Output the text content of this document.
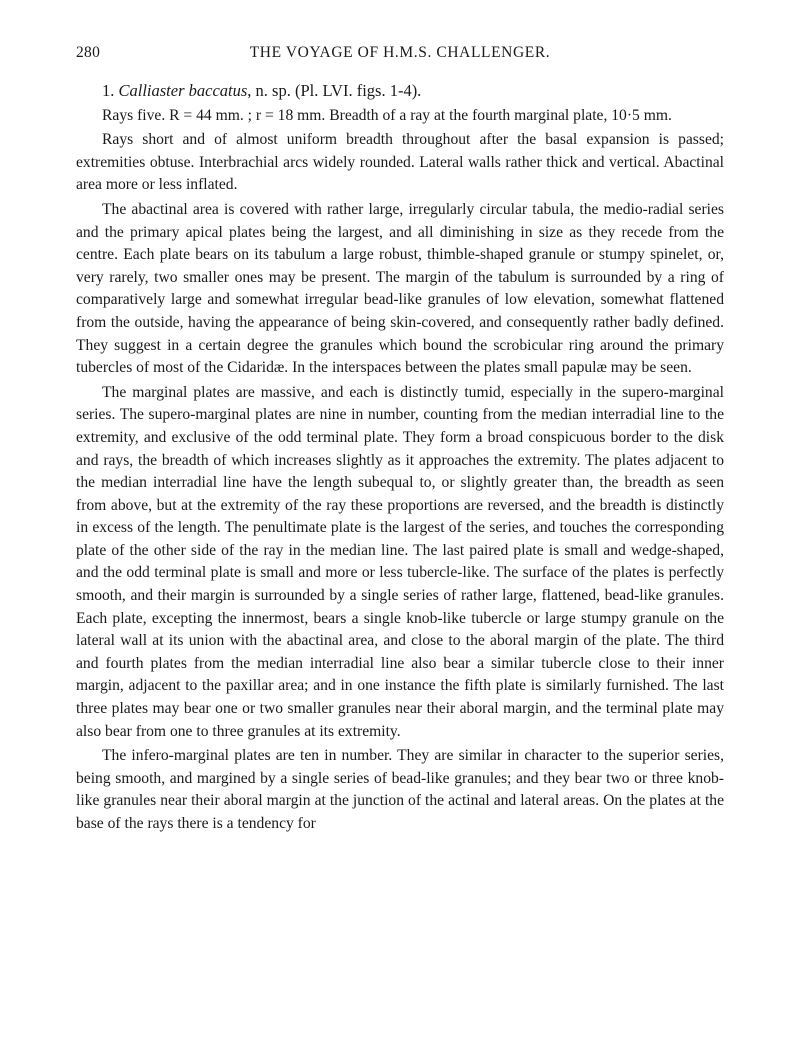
280	THE VOYAGE OF H.M.S. CHALLENGER.

1. Calliaster baccatus, n. sp. (Pl. LVI. figs. 1-4).

Rays five. R = 44 mm. ; r = 18 mm. Breadth of a ray at the fourth marginal plate, 10·5 mm.

Rays short and of almost uniform breadth throughout after the basal expansion is passed; extremities obtuse. Interbrachial arcs widely rounded. Lateral walls rather thick and vertical. Abactinal area more or less inflated.

The abactinal area is covered with rather large, irregularly circular tabula, the medio-radial series and the primary apical plates being the largest, and all diminishing in size as they recede from the centre. Each plate bears on its tabulum a large robust, thimble-shaped granule or stumpy spinelet, or, very rarely, two smaller ones may be present. The margin of the tabulum is surrounded by a ring of comparatively large and somewhat irregular bead-like granules of low elevation, somewhat flattened from the outside, having the appearance of being skin-covered, and consequently rather badly defined. They suggest in a certain degree the granules which bound the scrobicular ring around the primary tubercles of most of the Cidaridæ. In the interspaces between the plates small papulæ may be seen.

The marginal plates are massive, and each is distinctly tumid, especially in the supero-marginal series. The supero-marginal plates are nine in number, counting from the median interradial line to the extremity, and exclusive of the odd terminal plate. They form a broad conspicuous border to the disk and rays, the breadth of which increases slightly as it approaches the extremity. The plates adjacent to the median interradial line have the length subequal to, or slightly greater than, the breadth as seen from above, but at the extremity of the ray these proportions are reversed, and the breadth is distinctly in excess of the length. The penultimate plate is the largest of the series, and touches the corresponding plate of the other side of the ray in the median line. The last paired plate is small and wedge-shaped, and the odd terminal plate is small and more or less tubercle-like. The surface of the plates is perfectly smooth, and their margin is surrounded by a single series of rather large, flattened, bead-like granules. Each plate, excepting the innermost, bears a single knob-like tubercle or large stumpy granule on the lateral wall at its union with the abactinal area, and close to the aboral margin of the plate. The third and fourth plates from the median interradial line also bear a similar tubercle close to their inner margin, adjacent to the paxillar area; and in one instance the fifth plate is similarly furnished. The last three plates may bear one or two smaller granules near their aboral margin, and the terminal plate may also bear from one to three granules at its extremity.

The infero-marginal plates are ten in number. They are similar in character to the superior series, being smooth, and margined by a single series of bead-like granules; and they bear two or three knob-like granules near their aboral margin at the junction of the actinal and lateral areas. On the plates at the base of the rays there is a tendency for
